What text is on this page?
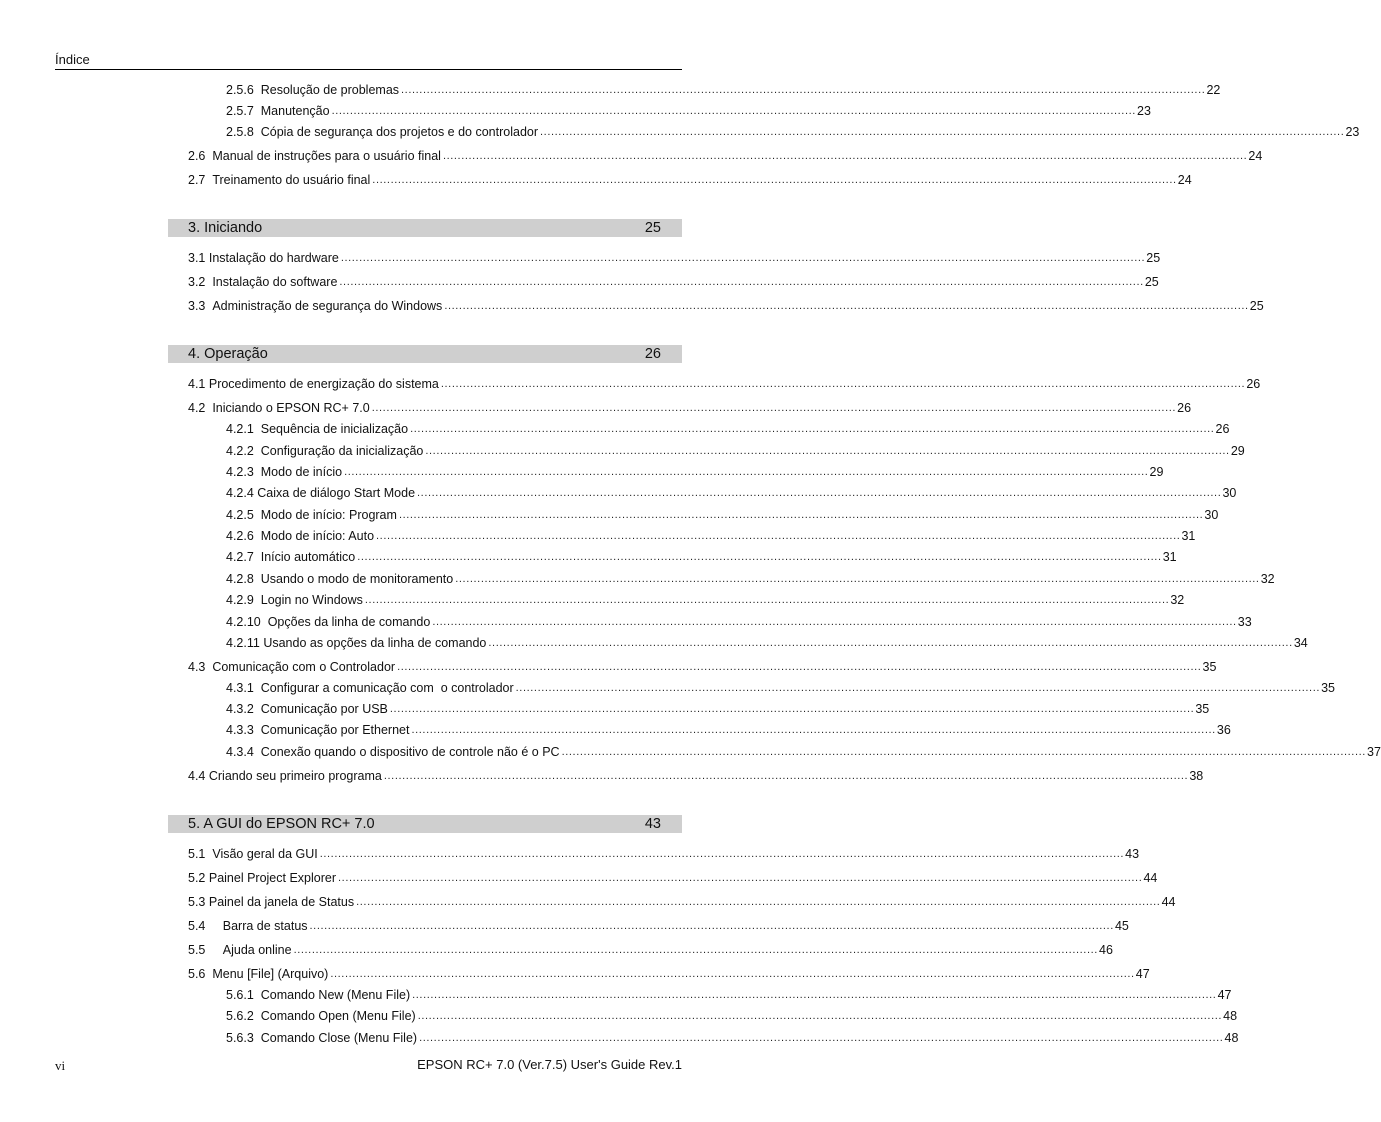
Índice
2.5.6 Resolução de problemas ............................................................................................................................................................................................................................ 22
2.5.7 Manutenção ............................................................................................................................................................................................................................ 23
2.5.8 Cópia de segurança dos projetos e do controlador ............................................................................................................................................................................................................................ 23
2.6 Manual de instruções para o usuário final ............................................................................................................................................................................................................................ 24
2.7 Treinamento do usuário final ............................................................................................................................................................................................................................ 24
3. Iniciando	25
3.1 Instalação do hardware ............................................................................................................................................................................................................................ 25
3.2 Instalação do software ............................................................................................................................................................................................................................ 25
3.3 Administração de segurança do Windows ............................................................................................................................................................................................................................ 25
4. Operação	26
4.1 Procedimento de energização do sistema ............................................................................................................................................................................................................................ 26
4.2 Iniciando o EPSON RC+ 7.0 ............................................................................................................................................................................................................................ 26
4.2.1 Sequência de inicialização ............................................................................................................................................................................................................................ 26
4.2.2 Configuração da inicialização ............................................................................................................................................................................................................................ 29
4.2.3 Modo de início ............................................................................................................................................................................................................................ 29
4.2.4 Caixa de diálogo Start Mode ............................................................................................................................................................................................................................ 30
4.2.5 Modo de início: Program ............................................................................................................................................................................................................................ 30
4.2.6 Modo de início: Auto ............................................................................................................................................................................................................................ 31
4.2.7 Início automático ............................................................................................................................................................................................................................ 31
4.2.8 Usando o modo de monitoramento ............................................................................................................................................................................................................................ 32
4.2.9 Login no Windows ............................................................................................................................................................................................................................ 32
4.2.10 Opções da linha de comando ............................................................................................................................................................................................................................ 33
4.2.11 Usando as opções da linha de comando ............................................................................................................................................................................................................................ 34
4.3 Comunicação com o Controlador ............................................................................................................................................................................................................................ 35
4.3.1 Configurar a comunicação com  o controlador ............................................................................................................................................................................................................................ 35
4.3.2 Comunicação por USB ............................................................................................................................................................................................................................ 35
4.3.3 Comunicação por Ethernet ............................................................................................................................................................................................................................ 36
4.3.4 Conexão quando o dispositivo de controle não é o PC ............................................................................................................................................................................................................................ 37
4.4 Criando seu primeiro programa ............................................................................................................................................................................................................................ 38
5. A GUI do EPSON RC+ 7.0	43
5.1 Visão geral da GUI ............................................................................................................................................................................................................................ 43
5.2 Painel Project Explorer ............................................................................................................................................................................................................................ 44
5.3 Painel da janela de Status ............................................................................................................................................................................................................................ 44
5.4 Barra de status ............................................................................................................................................................................................................................ 45
5.5 Ajuda online ............................................................................................................................................................................................................................ 46
5.6 Menu [File] (Arquivo) ............................................................................................................................................................................................................................ 47
5.6.1 Comando New (Menu File) ............................................................................................................................................................................................................................ 47
5.6.2 Comando Open (Menu File) ............................................................................................................................................................................................................................ 48
5.6.3 Comando Close (Menu File) ............................................................................................................................................................................................................................ 48
vi	EPSON RC+ 7.0 (Ver.7.5) User's Guide Rev.1
